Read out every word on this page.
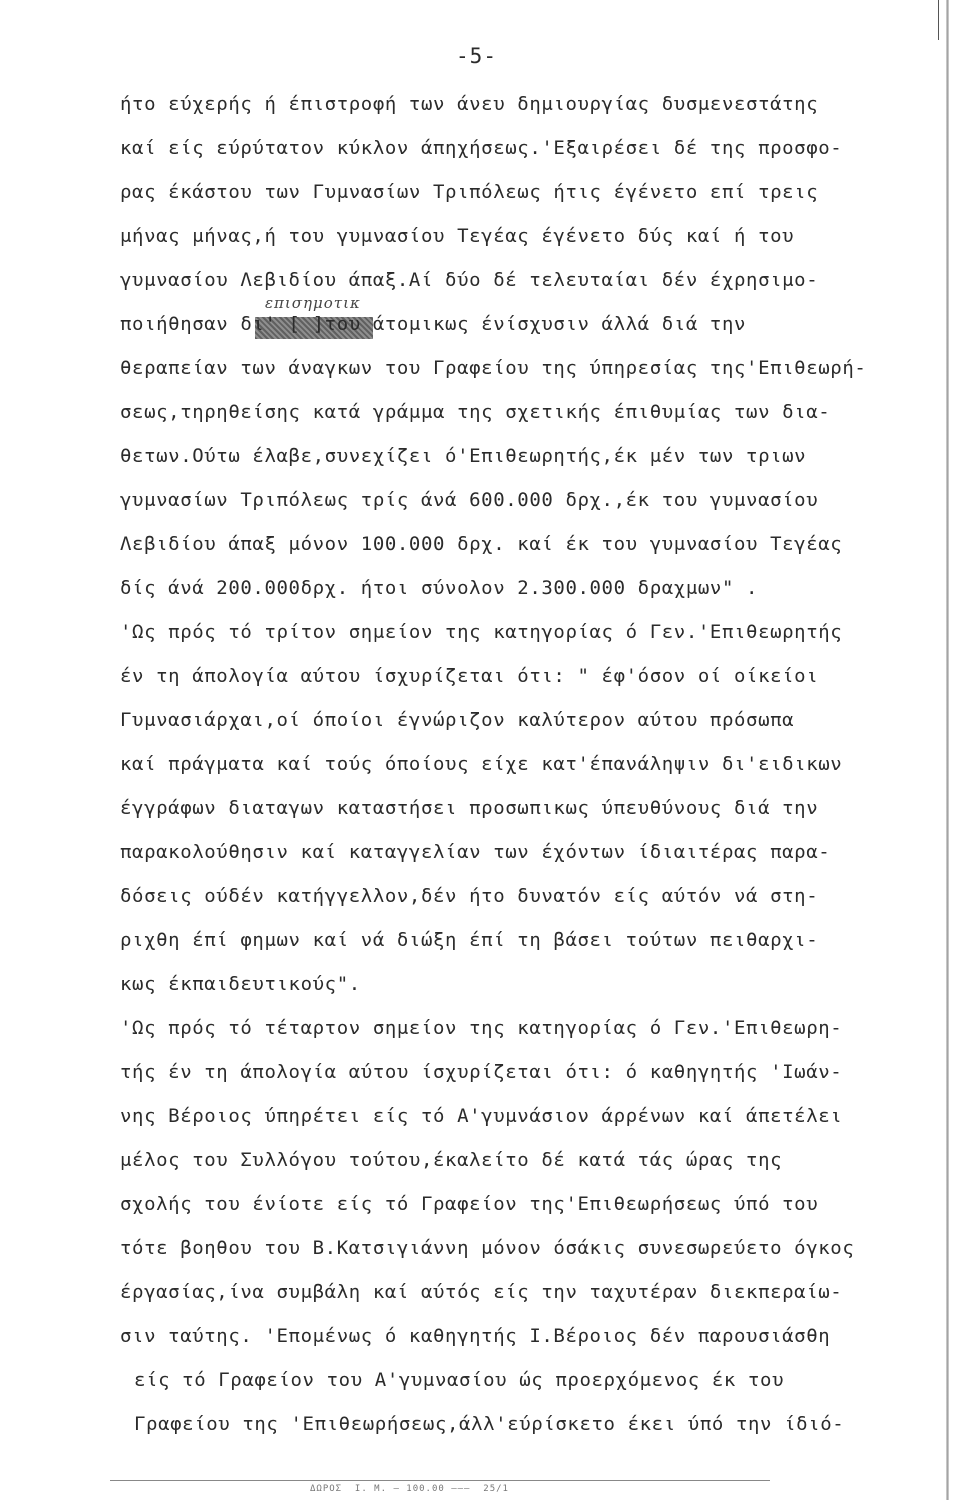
-5-
επισημοτικ
ήτο εύχερής ή έπιστροφή των άνευ δημιουργίας δυσμενεστάτης
καί είς εύρύτατον κύκλον άπηχήσεως.'Εξαιρέσει δέ της προσφο-
ρας έκάστου των Γυμνασίων Τριπόλεως ήτις έγένετο επί τρεις
μήνας μήνας,ή του γυμνασίου Τεγέας έγένετο δύς καί ή του
γυμνασίου Λεβιδίου άπαξ.Αί δύο δέ τελευταίαι δέν έχρησιμο-
ποιήθησαν δι' [ ]του άτομικως ένίσχυσιν άλλά διά την
θεραπείαν των άναγκων του Γραφείου της ύπηρεσίας της'Επιθεωρή-
σεως,τηρηθείσης κατά γράμμα της σχετικής έπιθυμίας των δια-
θετων.Ούτω έλαβε,συνεχίζει ό'Επιθεωρητής,έκ μέν των τριων
γυμνασίων Τριπόλεως τρίς άνά 600.000 δρχ.,έκ του γυμνασίου
Λεβιδίου άπαξ μόνον 100.000 δρχ. καί έκ του γυμνασίου Τεγέας
δίς άνά 200.000δρχ. ήτοι σύνολον 2.300.000 δραχμων" .
'Ως πρός τό τρίτον σημείον της κατηγορίας ό Γεν.'Επιθεωρητής
έν τη άπολογία αύτου ίσχυρίζεται ότι: " έφ'όσον οί οίκείοι
Γυμνασιάρχαι,οί όποίοι έγνώριζον καλύτερον αύτου πρόσωπα
καί πράγματα καί τούς όποίους είχε κατ'έπανάληψιν δι'ειδικων
έγγράφων διαταγων καταστήσει προσωπικως ύπευθύνους διά την
παρακολούθησιν καί καταγγελίαν των έχόντων ίδιαιτέρας παρα-
δόσεις ούδέν κατήγγελλον,δέν ήτο δυνατόν είς αύτόν νά στη-
ριχθη έπί φημων καί νά διώξη έπί τη βάσει τούτων πειθαρχι-
κως έκπαιδευτικούς".
'Ως πρός τό τέταρτον σημείον της κατηγορίας ό Γεν.'Επιθεωρη-
τής έν τη άπολογία αύτου ίσχυρίζεται ότι: ό καθηγητής 'Ιωάν-
νης Βέροιος ύπηρέτει είς τό Α'γυμνάσιον άρρένων καί άπετέλει
μέλος του Συλλόγου τούτου,έκαλείτο δέ κατά τάς ώρας της
σχολής του ένίοτε είς τό Γραφείον της'Επιθεωρήσεως ύπό του
τότε βοηθου του Β.Κατσιγιάννη μόνον όσάκις συνεσωρεύετο όγκος
έργασίας,ίνα συμβάλη καί αύτός είς την ταχυτέραν διεκπεραίω-
σιν ταύτης. 'Επομένως ό καθηγητής Ι.Βέροιος δέν παρουσιάσθη
είς τό Γραφείον του Α'γυμνασίου ώς προερχόμενος έκ του
Γραφείου της 'Επιθεωρήσεως,άλλ'εύρίσκετο έκει ύπό την ίδιό-
ΔΩΡΟΣ  Ι. Μ. — 100.00 ———  25/1
